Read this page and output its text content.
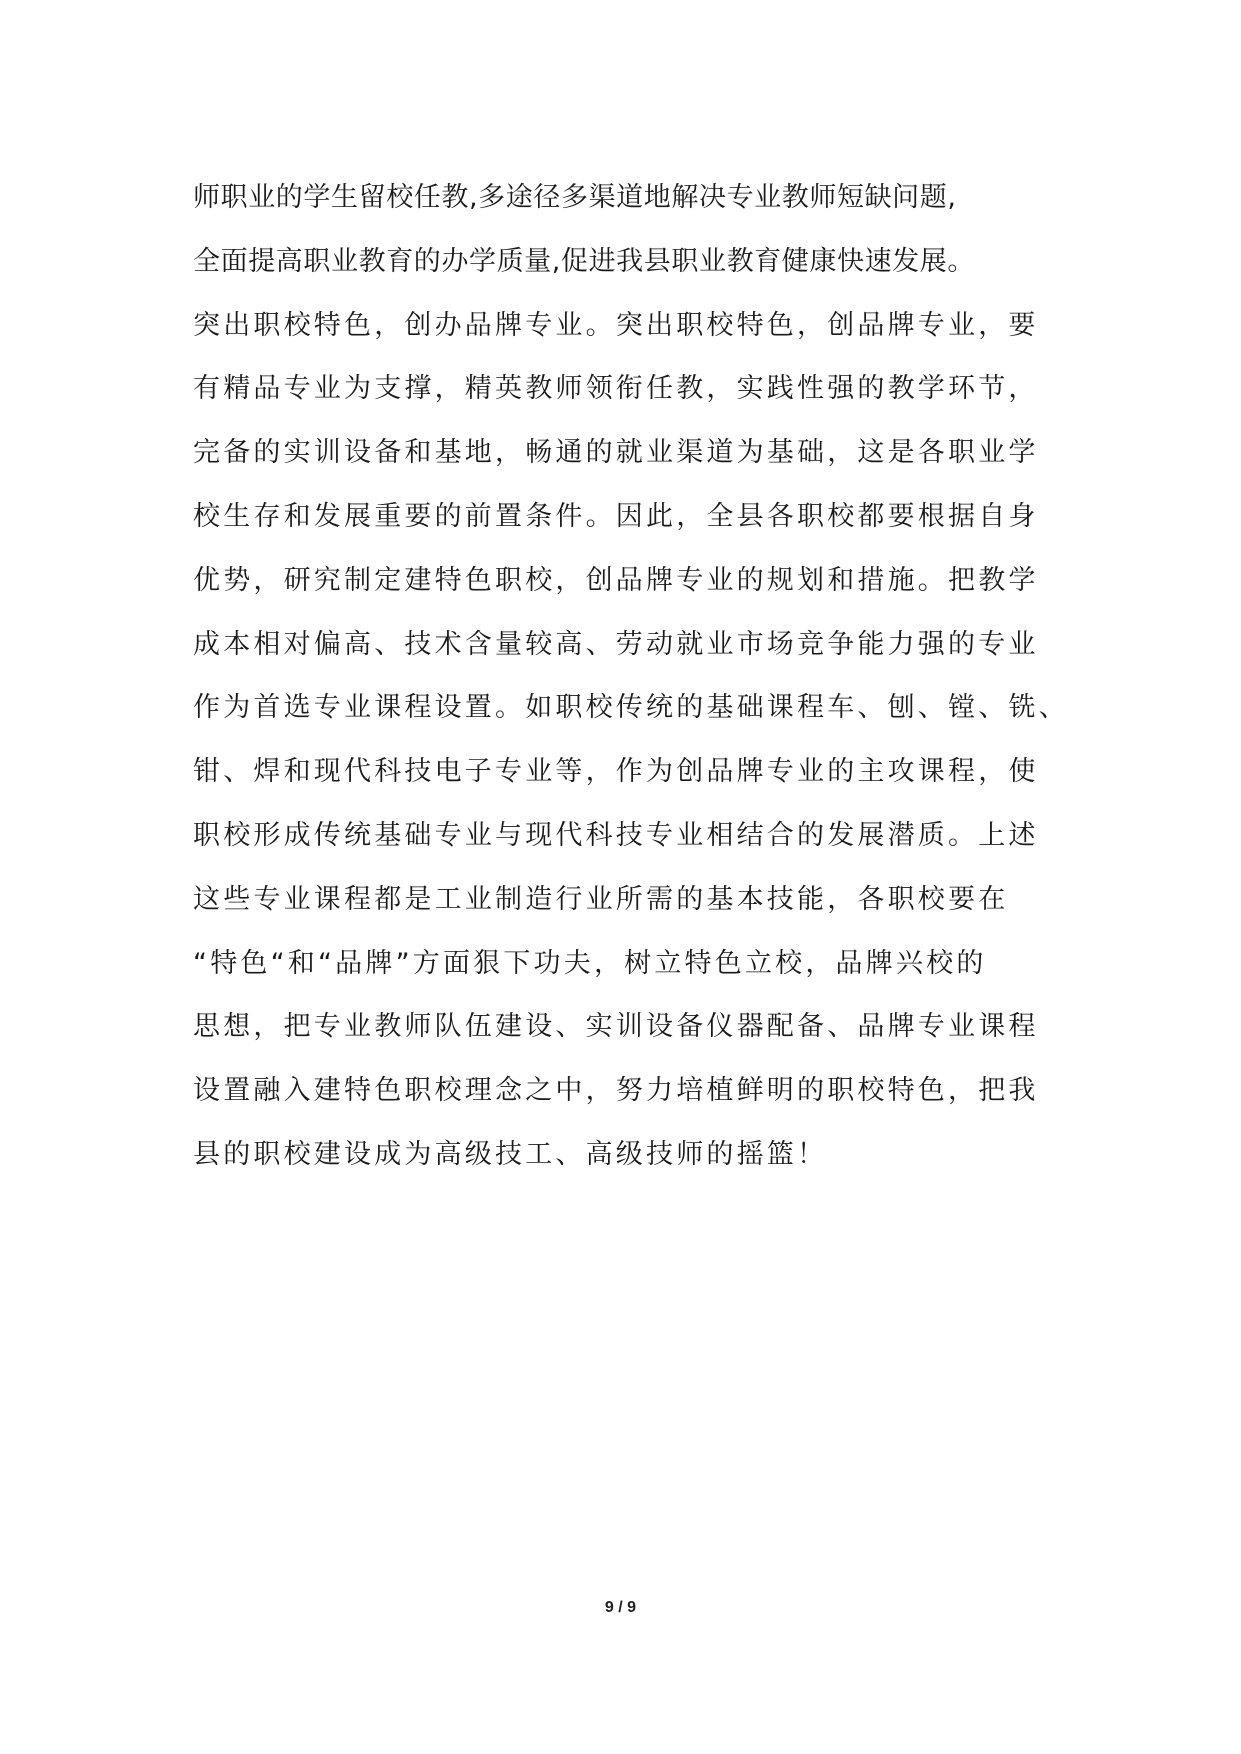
师职业的学生留校任教,多途径多渠道地解决专业教师短缺问题,
全面提高职业教育的办学质量,促进我县职业教育健康快速发展。
突出职校特色，创办品牌专业。突出职校特色，创品牌专业，要
有精品专业为支撑，精英教师领衔任教，实践性强的教学环节，
完备的实训设备和基地，畅通的就业渠道为基础，这是各职业学
校生存和发展重要的前置条件。因此，全县各职校都要根据自身
优势，研究制定建特色职校，创品牌专业的规划和措施。把教学
成本相对偏高、技术含量较高、劳动就业市场竞争能力强的专业
作为首选专业课程设置。如职校传统的基础课程车、刨、镗、铣、
钳、焊和现代科技电子专业等，作为创品牌专业的主攻课程，使
职校形成传统基础专业与现代科技专业相结合的发展潜质。上述
这些专业课程都是工业制造行业所需的基本技能，各职校要在
“特色“和“品牌”方面狠下功夫，树立特色立校，品牌兴校的
思想，把专业教师队伍建设、实训设备仪器配备、品牌专业课程
设置融入建特色职校理念之中，努力培植鲜明的职校特色，把我
县的职校建设成为高级技工、高级技师的摇篮！
9 / 9
